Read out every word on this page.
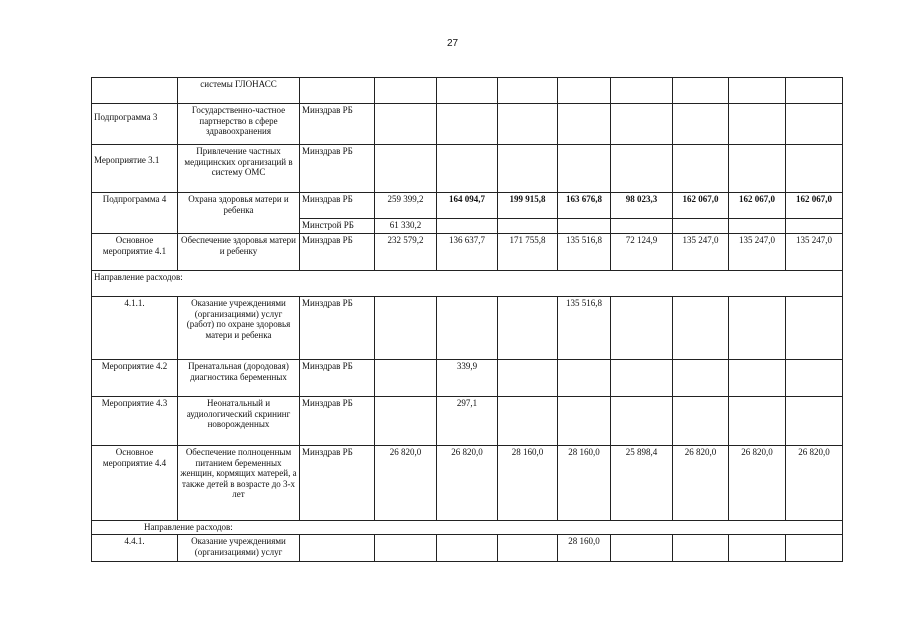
27
	системы ГЛОНАСС									
Подпрограмма 3	Государственно-частное партнерство в сфере здравоохранения	Минздрав РБ								
Мероприятие 3.1	Привлечение частных медицинских организаций в систему ОМС	Минздрав РБ								
Подпрограмма 4	Охрана здоровья матери и ребенка	Минздрав РБ	259 399,2	164 094,7	199 915,8	163 676,8	98 023,3	162 067,0	162 067,0	162 067,0
		Минстрой РБ	61 330,2							
Основное мероприятие 4.1	Обеспечение здоровья матери и ребенку	Минздрав РБ	232 579,2	136 637,7	171 755,8	135 516,8	72 124,9	135 247,0	135 247,0	135 247,0
Направление расходов:										
4.1.1.	Оказание учреждениями (организациями) услуг (работ) по охране здоровья матери и ребенка	Минздрав РБ				135 516,8				
Мероприятие 4.2	Пренатальная (дородовая) диагностика беременных	Минздрав РБ		339,9						
Мероприятие 4.3	Неонатальный и аудиологический скрининг новорожденных	Минздрав РБ		297,1						
Основное мероприятие 4.4	Обеспечение полноценным питанием беременных женщин, кормящих матерей, а также детей в возрасте до 3-х лет	Минздрав РБ	26 820,0	26 820,0	28 160,0	28 160,0	25 898,4	26 820,0	26 820,0	26 820,0
Направление расходов:										
4.4.1.	Оказание учреждениями (организациями) услуг					28 160,0				
